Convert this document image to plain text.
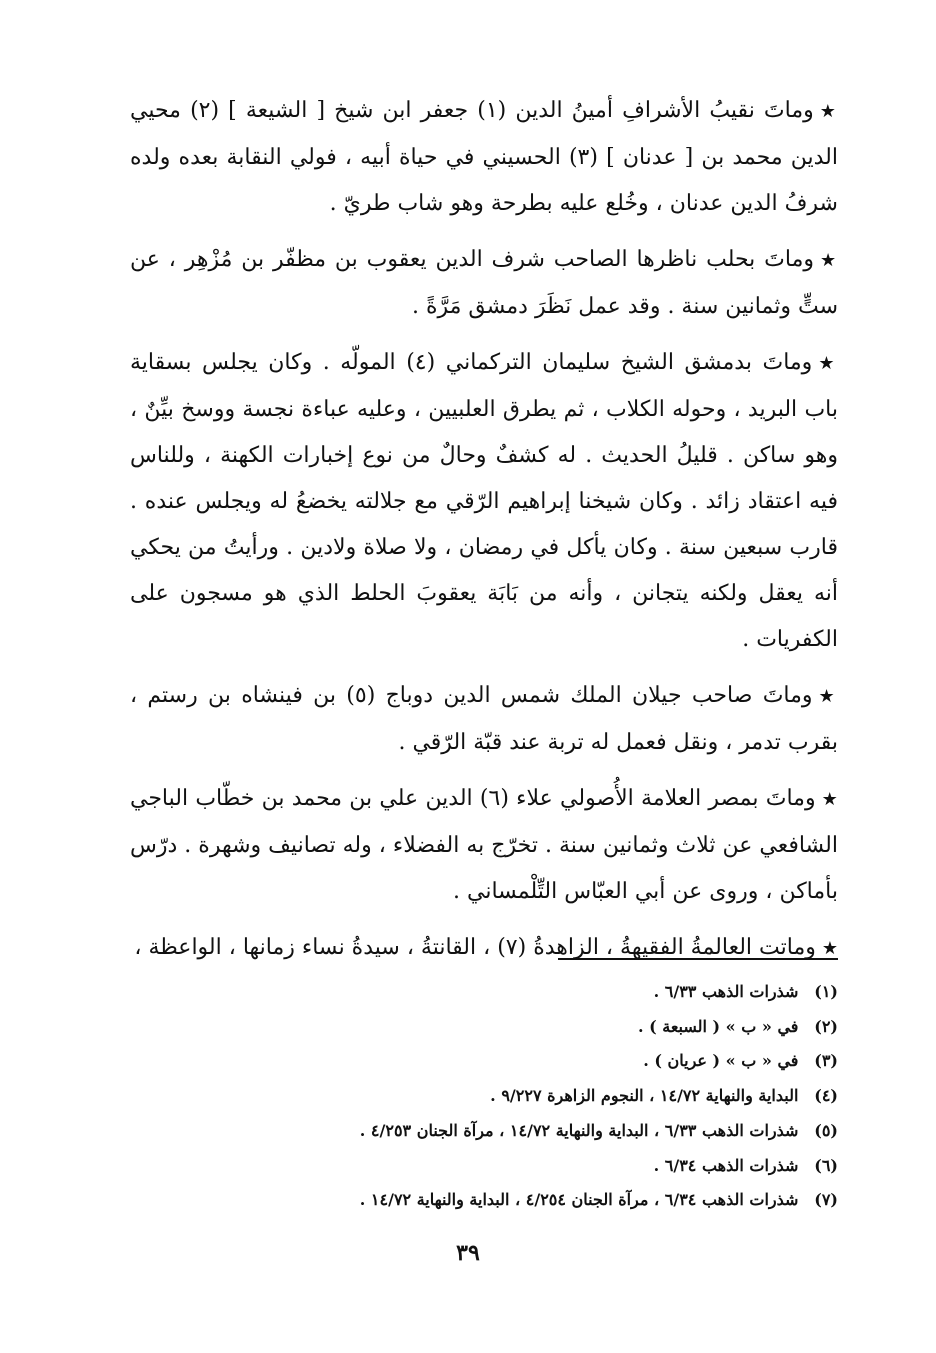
★وماتَ نقيبُ الأشرافِ أمينُ الدين (١) جعفر ابن شيخ [ الشيعة ] (٢) محيي الدين محمد بن [ عدنان ] (٣) الحسيني في حياة أبيه ، فولي النقابة بعده ولده شرفُ الدين عدنان ، وخُلع عليه بطرحة وهو شاب طريّ .

★وماتَ بحلب ناظرها الصاحب شرف الدين يعقوب بن مظفّر بن مُزْهِر ، عن ستٍّ وثمانين سنة . وقد عمل نَظَرَ دمشق مَرَّةً .

★وماتَ بدمشق الشيخ سليمان التركماني (٤) المولّه . وكان يجلس بسقاية باب البريد ، وحوله الكلاب ، ثم يطرق العلبيين ، وعليه عباءة نجسة ووسخ بيِّنٌ ، وهو ساكن . قليلُ الحديث . له كشفٌ وحالٌ من نوع إخبارات الكهنة ، وللناس فيه اعتقاد زائد . وكان شيخنا إبراهيم الرّقي مع جلالته يخضعُ له ويجلس عنده . قارب سبعين سنة . وكان يأكل في رمضان ، ولا صلاة ولادين . ورأيتُ من يحكي أنه يعقل ولكنه يتجانن ، وأنه من بَابَة يعقوبَ الحلط الذي هو مسجون على الكفريات .

★وماتَ صاحب جيلان الملك شمس الدين دوباج (٥) بن فينشاه بن رستم ، بقرب تدمر ، ونقل فعمل له تربة عند قبّة الرّقي .

★وماتَ بمصر العلامة الأُصولي علاء (٦) الدين علي بن محمد بن خطّاب الباجي الشافعي عن ثلاث وثمانين سنة . تخرّج به الفضلاء ، وله تصانيف وشهرة . درّس بأماكن ، وروى عن أبي العبّاس التِّلْمساني .

★وماتت العالمةُ الفقيهةُ ، الزاهدةُ (٧) ، القانتةُ ، سيدةُ نساء زمانها ، الواعظة ،

(١) شذرات الذهب ٦/٣٣ .
(٢) في « ب » ( السبعة ) .
(٣) في « ب » ( عريان ) .
(٤) البداية والنهاية ١٤/٧٢ ، النجوم الزاهرة ٩/٢٢٧ .
(٥) شذرات الذهب ٦/٣٣ ، البداية والنهاية ١٤/٧٢ ، مرآة الجنان ٤/٢٥٣ .
(٦) شذرات الذهب ٦/٣٤ .
(٧) شذرات الذهب ٦/٣٤ ، مرآة الجنان ٤/٢٥٤ ، البداية والنهاية ١٤/٧٢ .
٣٩
